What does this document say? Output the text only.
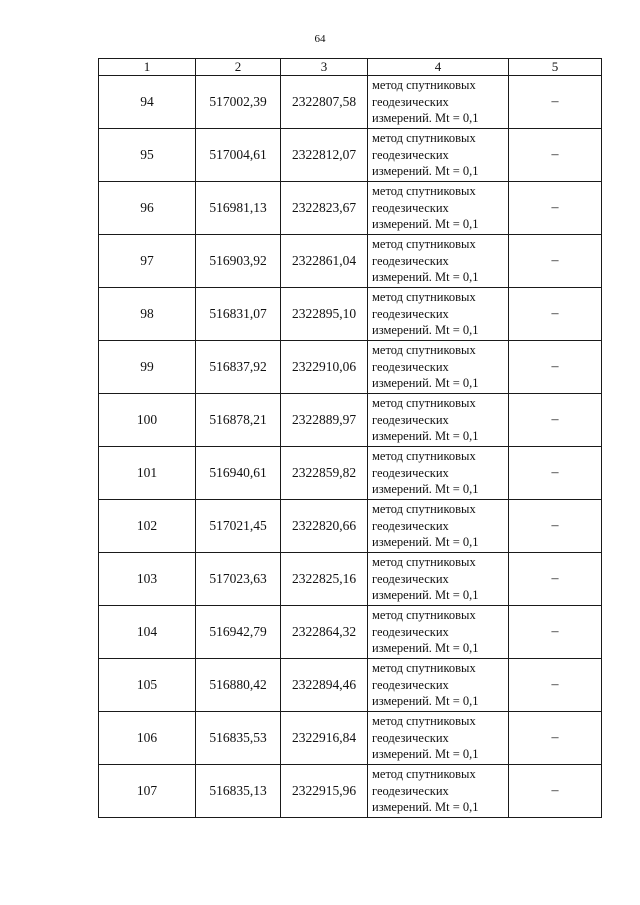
64
1	2	3	4	5
94	517002,39	2322807,58	метод спутниковых
геодезических
измерений. Mt = 0,1	–
95	517004,61	2322812,07	метод спутниковых
геодезических
измерений. Mt = 0,1	–
96	516981,13	2322823,67	метод спутниковых
геодезических
измерений. Mt = 0,1	–
97	516903,92	2322861,04	метод спутниковых
геодезических
измерений. Mt = 0,1	–
98	516831,07	2322895,10	метод спутниковых
геодезических
измерений. Mt = 0,1	–
99	516837,92	2322910,06	метод спутниковых
геодезических
измерений. Mt = 0,1	–
100	516878,21	2322889,97	метод спутниковых
геодезических
измерений. Mt = 0,1	–
101	516940,61	2322859,82	метод спутниковых
геодезических
измерений. Mt = 0,1	–
102	517021,45	2322820,66	метод спутниковых
геодезических
измерений. Mt = 0,1	–
103	517023,63	2322825,16	метод спутниковых
геодезических
измерений. Mt = 0,1	–
104	516942,79	2322864,32	метод спутниковых
геодезических
измерений. Mt = 0,1	–
105	516880,42	2322894,46	метод спутниковых
геодезических
измерений. Mt = 0,1	–
106	516835,53	2322916,84	метод спутниковых
геодезических
измерений. Mt = 0,1	–
107	516835,13	2322915,96	метод спутниковых
геодезических
измерений. Mt = 0,1	–
